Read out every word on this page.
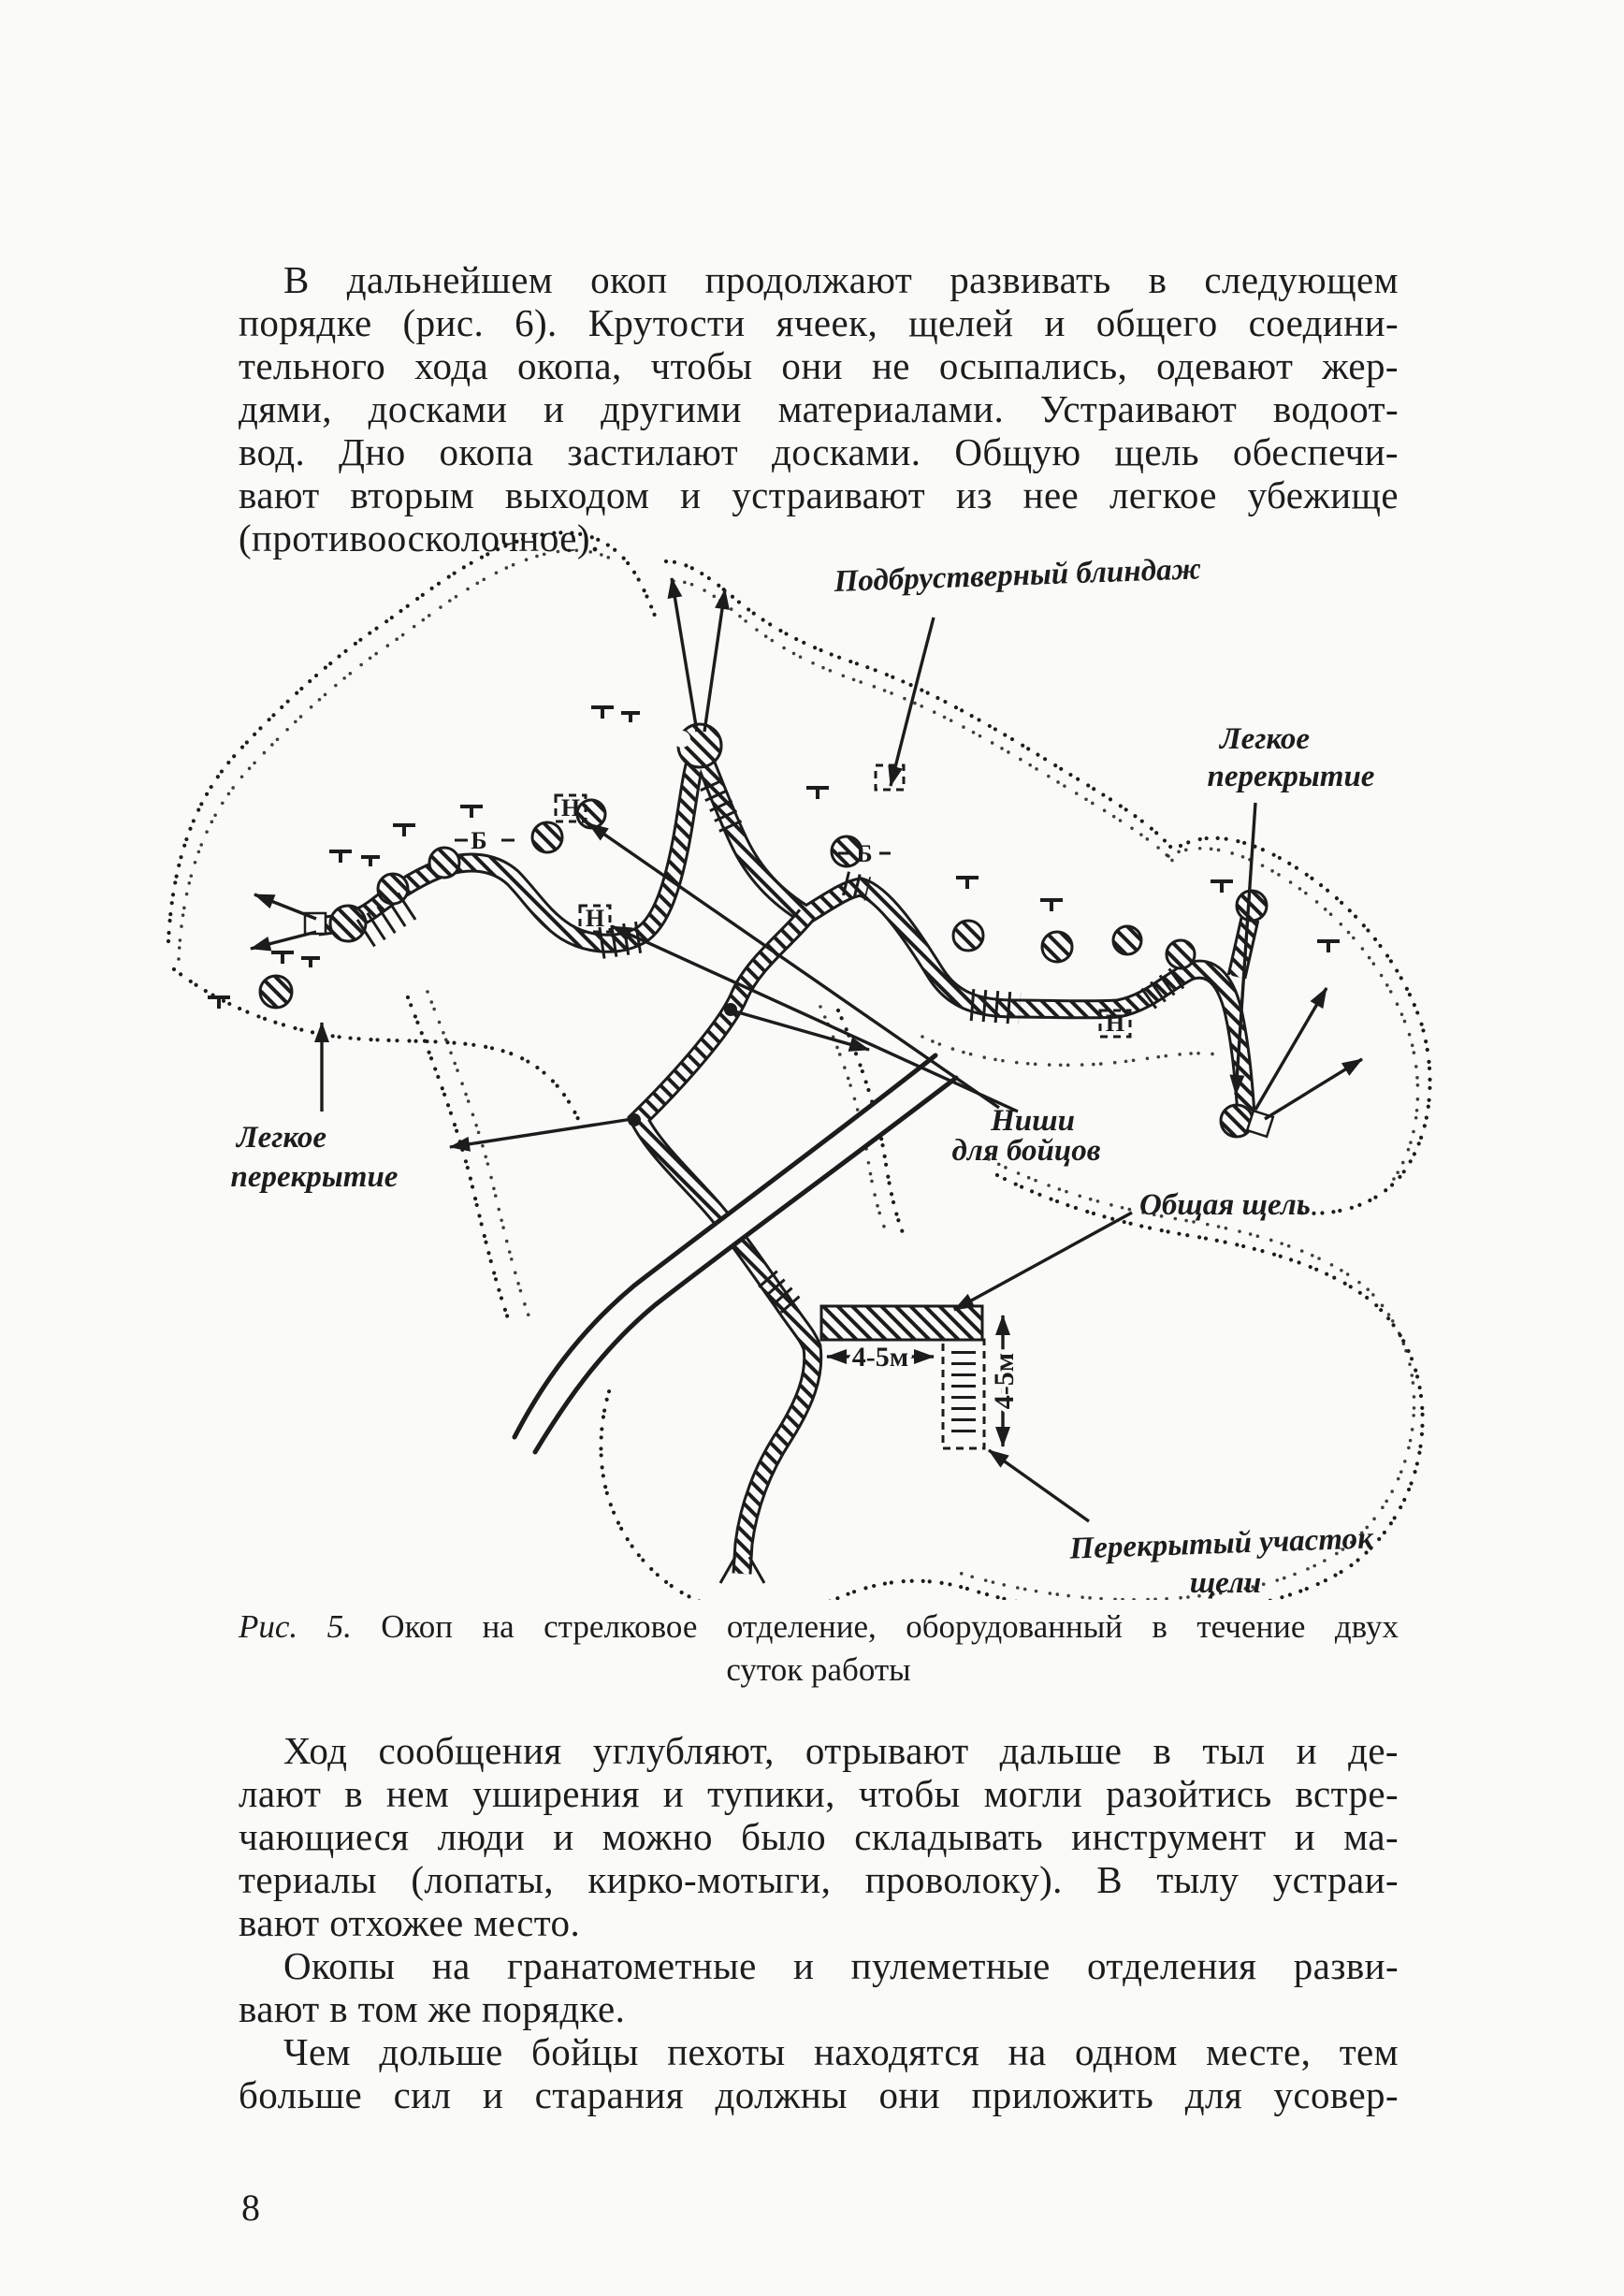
В дальнейшем окоп продолжают развивать в следующем
порядке (рис. 6). Крутости ячеек, щелей и общего соедини-
тельного хода окопа, чтобы они не осыпались, одевают жер-
дями, досками и другими материалами. Устраивают водоот-
вод. Дно окопа застилают досками. Общую щель обеспечи-
вают вторым выходом и устраивают из нее легкое убежище
(противоосколочное).
4-5м	4-5м
Б	Б
Н
Н
Н
Подбрустверный блиндаж
Легкое
перекрытие
Легкое
перекрытие
Ниши
для бойцов
Общая щель
Перекрытый участок
щели
Рис. 5. Окоп на стрелковое отделение, оборудованный в течение двух
суток работы
Ход сообщения углубляют, отрывают дальше в тыл и де-
лают в нем уширения и тупики, чтобы могли разойтись встре-
чающиеся люди и можно было складывать инструмент и ма-
териалы (лопаты, кирко-мотыги, проволоку). В тылу устраи-
вают отхожее место.
Окопы на гранатометные и пулеметные отделения разви-
вают в том же порядке.
Чем дольше бойцы пехоты находятся на одном месте, тем
больше сил и старания должны они приложить для усовер-
8
